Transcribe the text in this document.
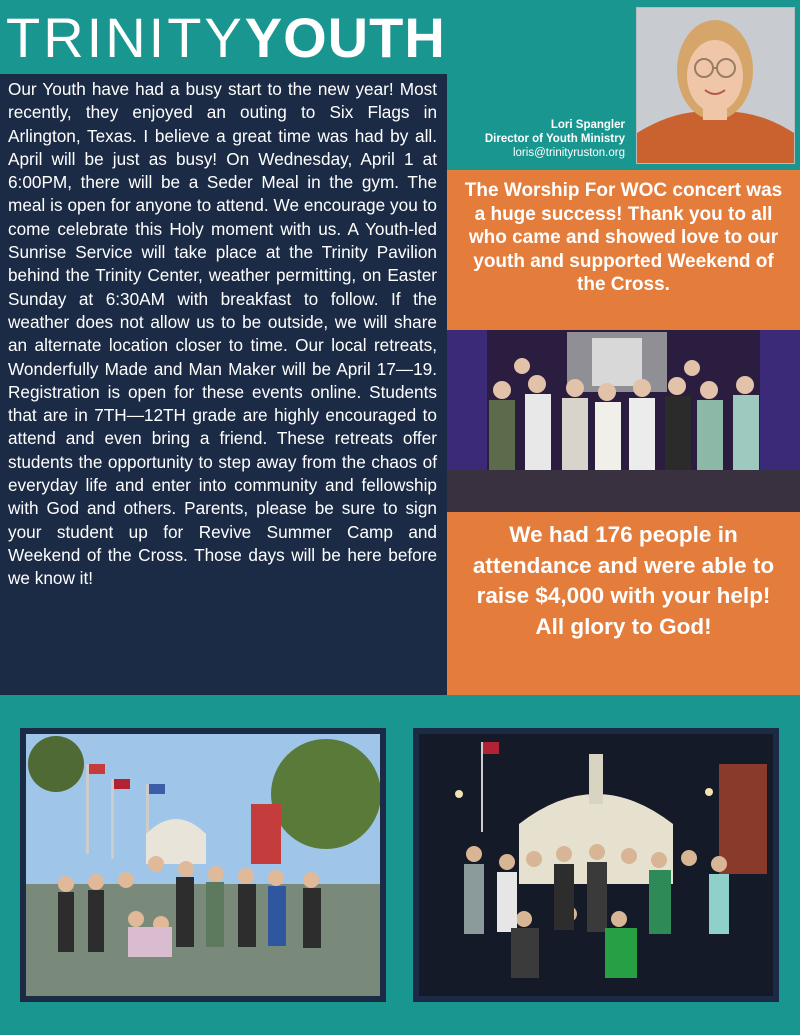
TRINITYYOUTH
Lori Spangler
Director of Youth Ministry
loris@trinityruston.org

Our Youth have had a busy start to the new year! Most recently, they enjoyed an outing to Six Flags in Arlington, Texas. I believe a great time was had by all. April will be just as busy! On Wednesday, April 1 at 6:00PM, there will be a Seder Meal in the gym. The meal is open for anyone to attend. We encourage you to come celebrate this Holy moment with us. A Youth-led Sunrise Service will take place at the Trinity Pavilion behind the Trinity Center, weather permitting, on Easter Sunday at 6:30AM with breakfast to follow. If the weather does not allow us to be outside, we will share an alternate location closer to time. Our local retreats, Wonderfully Made and Man Maker will be April 17—19. Registration is open for these events online. Students that are in 7TH—12TH grade are highly encouraged to attend and even bring a friend. These retreats offer students the opportunity to step away from the chaos of everyday life and enter into community and fellowship with God and others. Parents, please be sure to sign your student up for Revive Summer Camp and Weekend of the Cross. Those days will be here before we know it!

The Worship For WOC concert was a huge success! Thank you to all who came and showed love to our youth and supported Weekend of the Cross.
We had 176 people in attendance and were able to raise $4,000 with your help! All glory to God!
